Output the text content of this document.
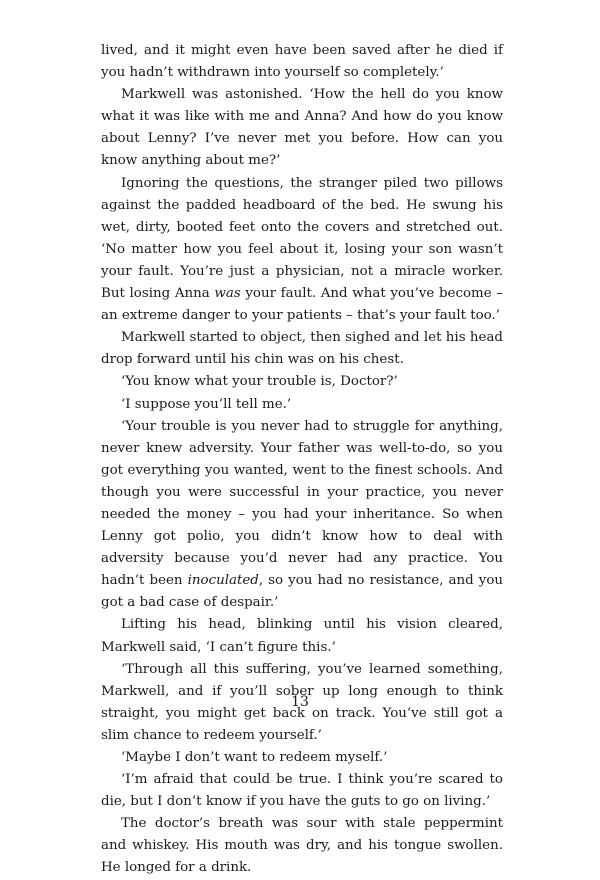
lived, and it might even have been saved after he died if you hadn’t withdrawn into yourself so completely.’

Markwell was astonished. ‘How the hell do you know what it was like with me and Anna? And how do you know about Lenny? I’ve never met you before. How can you know anything about me?’

Ignoring the questions, the stranger piled two pillows against the padded headboard of the bed. He swung his wet, dirty, booted feet onto the covers and stretched out. ‘No matter how you feel about it, losing your son wasn’t your fault. You’re just a physician, not a miracle worker. But losing Anna was your fault. And what you’ve become – an extreme danger to your patients – that’s your fault too.’

Markwell started to object, then sighed and let his head drop forward until his chin was on his chest.

‘You know what your trouble is, Doctor?’

‘I suppose you’ll tell me.’

‘Your trouble is you never had to struggle for anything, never knew adversity. Your father was well-to-do, so you got everything you wanted, went to the finest schools. And though you were successful in your practice, you never needed the money – you had your inheritance. So when Lenny got polio, you didn’t know how to deal with adversity because you’d never had any practice. You hadn’t been inoculated, so you had no resistance, and you got a bad case of despair.’

Lifting his head, blinking until his vision cleared, Markwell said, ‘I can’t figure this.’

‘Through all this suffering, you’ve learned something, Markwell, and if you’ll sober up long enough to think straight, you might get back on track. You’ve still got a slim chance to redeem yourself.’

‘Maybe I don’t want to redeem myself.’

‘I’m afraid that could be true. I think you’re scared to die, but I don’t know if you have the guts to go on living.’

The doctor’s breath was sour with stale peppermint and whiskey. His mouth was dry, and his tongue swollen. He longed for a drink.

13
